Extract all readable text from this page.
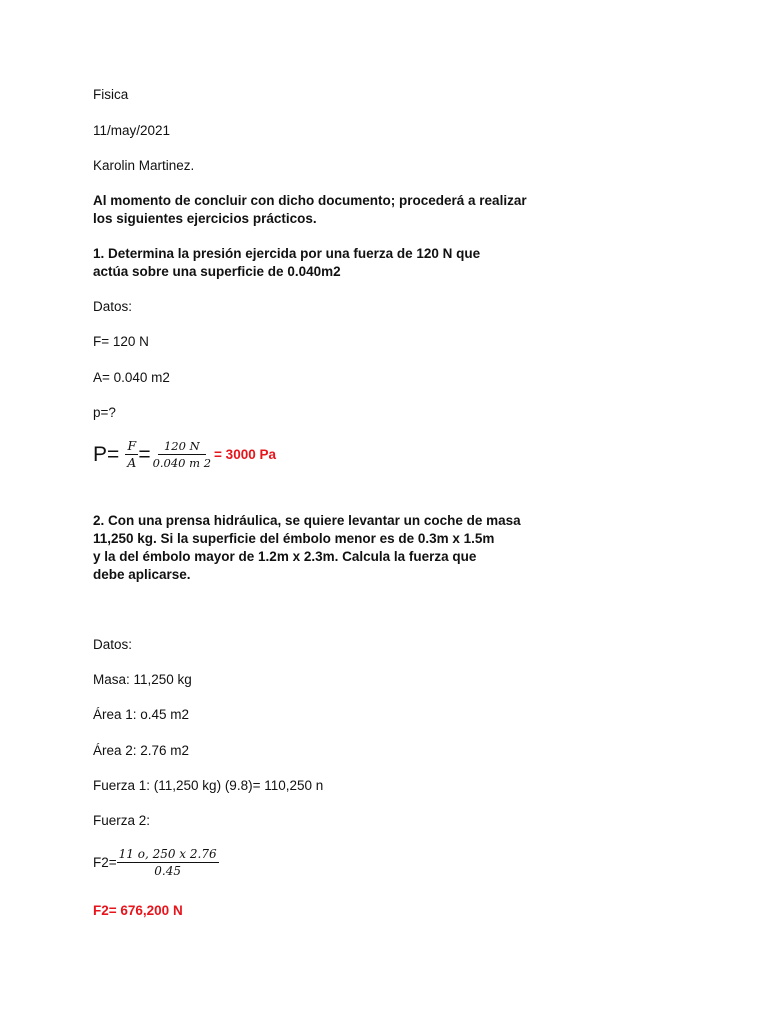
Fisica
11/may/2021
Karolin Martinez.
Al momento de concluir con dicho documento; procederá a realizar
los siguientes ejercicios prácticos.
1. Determina la presión ejercida por una fuerza de 120 N que
actúa sobre una superficie de 0.040m2
Datos:
F= 120 N
A= 0.040 m2
p=?
$P= \frac{F}{A} = \frac{120 N}{0.040 m 2} = 3000$ Pa
2. Con una prensa hidráulica, se quiere levantar un coche de masa
11,250 kg. Si la superficie del émbolo menor es de 0.3m x 1.5m
y la del émbolo mayor de 1.2m x 2.3m. Calcula la fuerza que
debe aplicarse.
Datos:
Masa: 11,250 kg
Área 1: o.45 m2
Área 2: 2.76 m2
Fuerza 1: (11,250 kg) (9.8)= 110,250 n
Fuerza 2:
$F2= \frac{11 o, 250 x 2.76}{0.45}$
F2= 676,200 N
